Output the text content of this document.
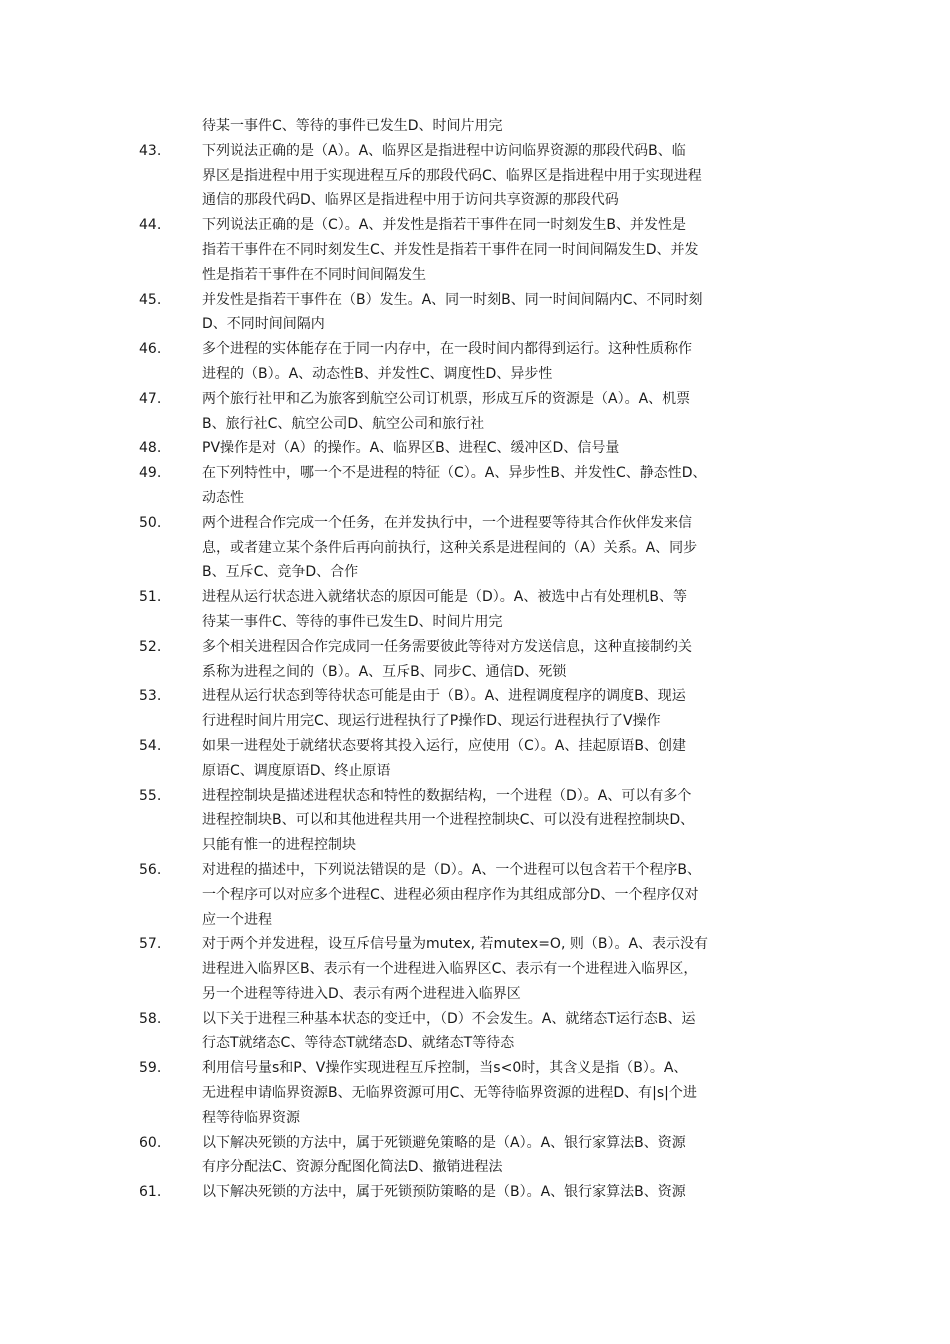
待某一事件C、等待的事件已发生D、时间片用完
43.	下列说法正确的是（A）。A、临界区是指进程中访问临界资源的那段代码B、临
界区是指进程中用于实现进程互斥的那段代码C、临界区是指进程中用于实现进程
通信的那段代码D、临界区是指进程中用于访问共享资源的那段代码
44.	下列说法正确的是（C）。A、并发性是指若干事件在同一时刻发生B、并发性是
指若干事件在不同时刻发生C、并发性是指若干事件在同一时间间隔发生D、并发
性是指若干事件在不同时间间隔发生
45.	并发性是指若干事件在（B）发生。A、同一时刻B、同一时间间隔内C、不同时刻
D、不同时间间隔内
46.	多个进程的实体能存在于同一内存中，在一段时间内都得到运行。这种性质称作
进程的（B）。A、动态性B、并发性C、调度性D、异步性
47.	两个旅行社甲和乙为旅客到航空公司订机票，形成互斥的资源是（A）。A、机票
B、旅行社C、航空公司D、航空公司和旅行社
48.	PV操作是对（A）的操作。A、临界区B、进程C、缓冲区D、信号量
49.	在下列特性中，哪一个不是进程的特征（C）。A、异步性B、并发性C、静态性D、
动态性
50.	两个进程合作完成一个任务，在并发执行中，一个进程要等待其合作伙伴发来信
息，或者建立某个条件后再向前执行，这种关系是进程间的（A）关系。A、同步
B、互斥C、竞争D、合作
51.	进程从运行状态进入就绪状态的原因可能是（D）。A、被选中占有处理机B、等
待某一事件C、等待的事件已发生D、时间片用完
52.	多个相关进程因合作完成同一任务需要彼此等待对方发送信息，这种直接制约关
系称为进程之间的（B）。A、互斥B、同步C、通信D、死锁
53.	进程从运行状态到等待状态可能是由于（B）。A、进程调度程序的调度B、现运
行进程时间片用完C、现运行进程执行了P操作D、现运行进程执行了V操作
54.	如果一进程处于就绪状态要将其投入运行，应使用（C）。A、挂起原语B、创建
原语C、调度原语D、终止原语
55.	进程控制块是描述进程状态和特性的数据结构，一个进程（D）。A、可以有多个
进程控制块B、可以和其他进程共用一个进程控制块C、可以没有进程控制块D、
只能有惟一的进程控制块
56.	对进程的描述中，下列说法错误的是（D）。A、一个进程可以包含若干个程序B、
一个程序可以对应多个进程C、进程必须由程序作为其组成部分D、一个程序仅对
应一个进程
57.	对于两个并发进程，设互斥信号量为mutex, 若mutex=O, 则（B）。A、表示没有
进程进入临界区B、表示有一个进程进入临界区C、表示有一个进程进入临界区，
另一个进程等待进入D、表示有两个进程进入临界区
58.	以下关于进程三种基本状态的变迁中，（D）不会发生。A、就绪态T运行态B、运
行态T就绪态C、等待态T就绪态D、就绪态T等待态
59.	利用信号量s和P、V操作实现进程互斥控制，当s<0时，其含义是指（B）。A、
无进程申请临界资源B、无临界资源可用C、无等待临界资源的进程D、有|s|个进
程等待临界资源
60.	以下解决死锁的方法中，属于死锁避免策略的是（A）。A、银行家算法B、资源
有序分配法C、资源分配图化简法D、撤销进程法
61.	以下解决死锁的方法中，属于死锁预防策略的是（B）。A、银行家算法B、资源
